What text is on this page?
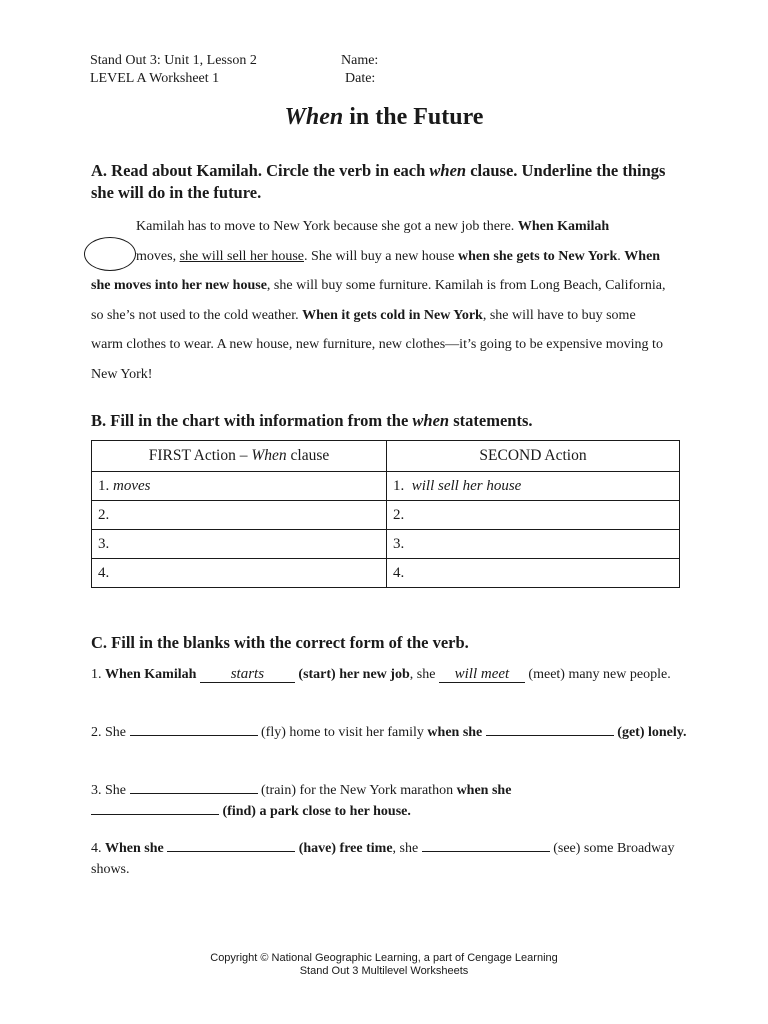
Stand Out 3: Unit 1, Lesson 2
LEVEL A Worksheet 1
Name:
Date:
When in the Future
A. Read about Kamilah. Circle the verb in each when clause. Underline the things she will do in the future.

Kamilah has to move to New York because she got a new job there. When Kamilah moves, she will sell her house. She will buy a new house when she gets to New York. When she moves into her new house, she will buy some furniture. Kamilah is from Long Beach, California, so she’s not used to the cold weather. When it gets cold in New York, she will have to buy some warm clothes to wear. A new house, new furniture, new clothes—it’s going to be expensive moving to New York!

B. Fill in the chart with information from the when statements.
FIRST Action – When clause	SECOND Action
1. moves	1. will sell her house
2.	2.
3.	3.
4.	4.
C. Fill in the blanks with the correct form of the verb.
1. When Kamilah starts (start) her new job, she will meet (meet) many new people.
2. She	(fly) home to visit her family when she	(get) lonely.
3. She	(train) for the New York marathon when she
(find) a park close to her house.
4. When she	(have) free time, she	(see) some Broadway shows.
Copyright © National Geographic Learning, a part of Cengage Learning
Stand Out 3 Multilevel Worksheets
